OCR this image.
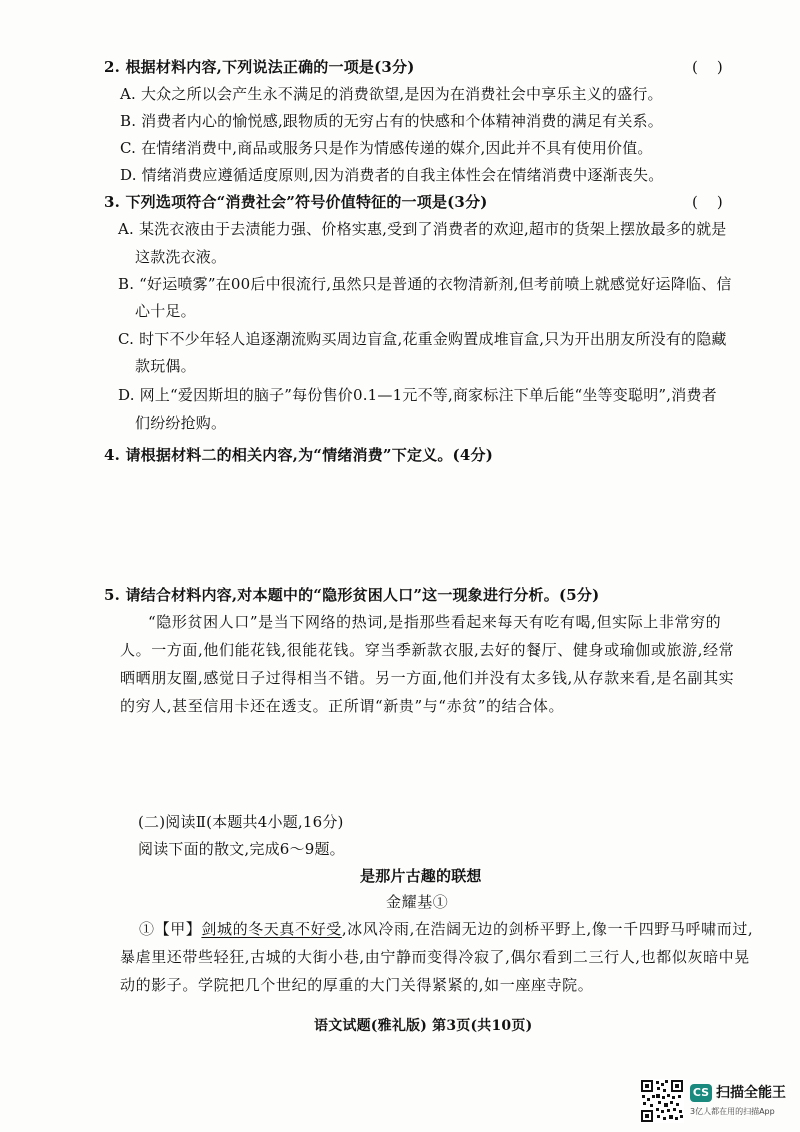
2. 根据材料内容,下列说法正确的一项是(3分)	(    )
A. 大众之所以会产生永不满足的消费欲望,是因为在消费社会中享乐主义的盛行。
B. 消费者内心的愉悦感,跟物质的无穷占有的快感和个体精神消费的满足有关系。
C. 在情绪消费中,商品或服务只是作为情感传递的媒介,因此并不具有使用价值。
D. 情绪消费应遵循适度原则,因为消费者的自我主体性会在情绪消费中逐渐丧失。
3. 下列选项符合“消费社会”符号价值特征的一项是(3分)	(    )
A. 某洗衣液由于去渍能力强、价格实惠,受到了消费者的欢迎,超市的货架上摆放最多的就是
这款洗衣液。
B. “好运喷雾”在00后中很流行,虽然只是普通的衣物清新剂,但考前喷上就感觉好运降临、信
心十足。
C. 时下不少年轻人追逐潮流购买周边盲盒,花重金购置成堆盲盒,只为开出朋友所没有的隐藏
款玩偶。
D. 网上“爱因斯坦的脑子”每份售价0.1—1元不等,商家标注下单后能“坐等变聪明”,消费者
们纷纷抢购。
4. 请根据材料二的相关内容,为“情绪消费”下定义。(4分)
5. 请结合材料内容,对本题中的“隐形贫困人口”这一现象进行分析。(5分)
“隐形贫困人口”是当下网络的热词,是指那些看起来每天有吃有喝,但实际上非常穷的
人。一方面,他们能花钱,很能花钱。穿当季新款衣服,去好的餐厅、健身或瑜伽或旅游,经常
晒晒朋友圈,感觉日子过得相当不错。另一方面,他们并没有太多钱,从存款来看,是名副其实
的穷人,甚至信用卡还在透支。正所谓“新贵”与“赤贫”的结合体。
(二)阅读Ⅱ(本题共4小题,16分)
阅读下面的散文,完成6～9题。
是那片古趣的联想
金耀基①
①【甲】剑城的冬天真不好受,冰风冷雨,在浩阔无边的剑桥平野上,像一千四野马呼啸而过,
暴虐里还带些轻狂,古城的大街小巷,由宁静而变得冷寂了,偶尔看到二三行人,也都似灰暗中晃
动的影子。学院把几个世纪的厚重的大门关得紧紧的,如一座座寺院。
语文试题(雅礼版) 第3页(共10页)
CS 扫描全能王
3亿人都在用的扫描App
